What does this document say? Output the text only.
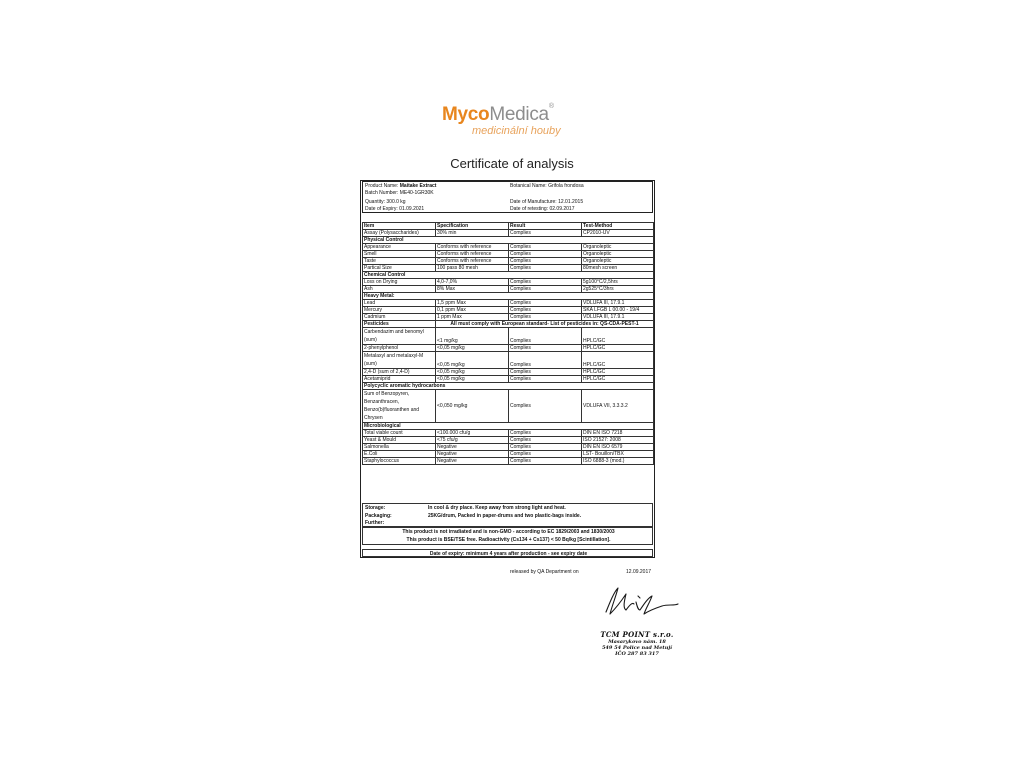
MycoMedica®
medicinální houby
Certificate of analysis
Product Name: Maitake Extract	Botanical Name: Grifola frondosa
Batch Number: ME40-1GR30K
Quantity: 300.0 kg	Date of Manufacture: 12.01.2015
Date of Expiry: 01.09.2021	Date of retesting: 02.09.2017
Item	Specification	Result	Test-Method
Assay (Polysaccharides)	30% min	Complies	CP2010-UV
Physical Control			
Appearance	Conforms with reference	Complies	Organoleptic
Smell	Conforms with reference	Complies	Organoleptic
Taste	Conforms with reference	Complies	Organoleptic
Partical Size	100 pass 80 mesh	Complies	80mesh screen
Chemical Control			
Loss on Drying	4,0-7,0%	Complies	5g100°C/2,5hrs
Ash	8% Max	Complies	2g525°C/3hrs
Heavy Metal:			
Lead	1,5 ppm Max	Complies	VDLUFA III, 17.9.1
Mercury	0,1 ppm Max	Complies	SKA LFGB L 00.00 - 19/4
Cadmium	1 ppm Max	Complies	VDLUFA III, 17.9.1
Pesticides	All must comply with European standard- List of pesticides in: QS-CDA-PEST-1		
Carbendazim and benomyl
(sum)	<1 mg/kg	Complies	HPLC/GC
2-phenylphenol	<0,05 mg/kg	Complies	HPLC/GC
Metalaxyl and metalaxyl-M
(sum)	<0,05 mg/kg	Complies	HPLC/GC
2,4-D (sum of 2,4-D)	<0,05 mg/kg	Complies	HPLC/GC
Acetamiprid	<0,05 mg/kg	Complies	HPLC/GC
Polycyclic aromatic hydrocarbons			
Sum of Benzopyren,
Benzanthracen,
Benzo(b)fluoranthen and
Chrysen	<0,050 mg/kg	Complies	VDLUFA VII, 3.3.3.2
Microbiological			
Total viable count	<100.000 cfu/g	Complies	DIN EN ISO 7218
Yeast & Mould	<75 cfu/g	Complies	ISO 21527: 2008
Salmonella	Negative	Complies	DIN EN ISO 6579
E.Coli	Negative	Complies	LST- Bouillon/TBX
Staphylococcus	Negative	Complies	ISO 6888-3 (mod.)
Storage:	In cool & dry place. Keep away from strong light and heat.
Packaging:	25KG/drum, Packed in paper-drums and two plastic-bags inside.
Further:
This product is not irradiated and is non-GMO - according to EC 1829/2003 and 1830/2003
This product is BSE/TSE free. Radioactivity (Cs134 + Cs137) < 50 Bq/kg [Scintillation].
Date of expiry: minimum 4 years after production - see expiry date
released by QA Department on	12.09.2017
TCM POINT s.r.o.
Masarykovo nám. 18
549 54 Police nad Metují
IČO 287 83 317
